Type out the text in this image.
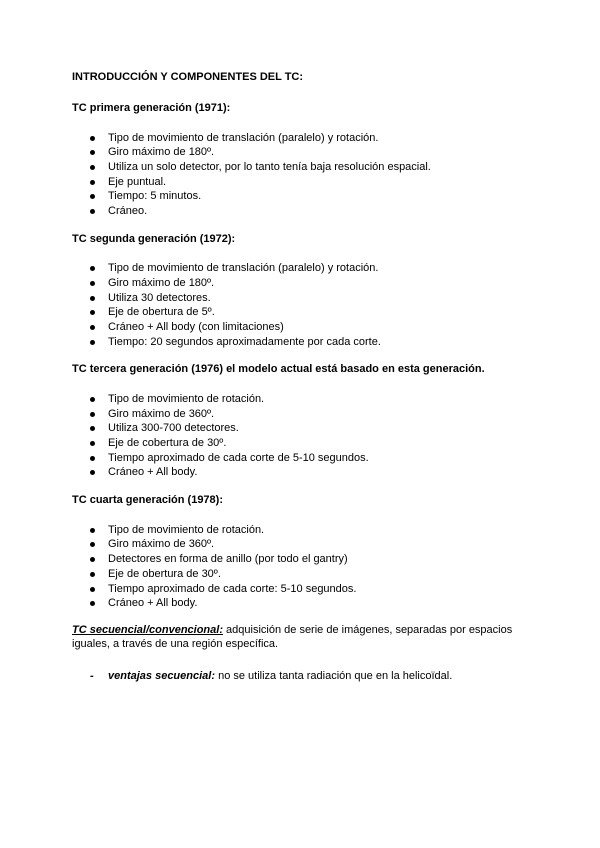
INTRODUCCIÓN Y COMPONENTES DEL TC:

TC primera generación (1971):

Tipo de movimiento de translación (paralelo) y rotación.
Giro máximo de 180º.
Utiliza un solo detector, por lo tanto tenía baja resolución espacial.
Eje puntual.
Tiempo: 5 minutos.
Cráneo.

TC segunda generación (1972):

Tipo de movimiento de translación (paralelo) y rotación.
Giro máximo de 180º.
Utiliza 30 detectores.
Eje de obertura de 5º.
Cráneo + All body (con limitaciones)
Tiempo: 20 segundos aproximadamente por cada corte.

TC tercera generación (1976) el modelo actual está basado en esta generación.

Tipo de movimiento de rotación.
Giro máximo de 360º.
Utiliza 300-700 detectores.
Eje de cobertura de 30º.
Tiempo aproximado de cada corte de 5-10 segundos.
Cráneo + All body.

TC cuarta generación (1978):

Tipo de movimiento de rotación.
Giro máximo de 360º.
Detectores en forma de anillo (por todo el gantry)
Eje de obertura de 30º.
Tiempo aproximado de cada corte: 5-10 segundos.
Cráneo + All body.

TC secuencial/convencional: adquisición de serie de imágenes, separadas por espacios iguales, a través de una región específica.

- ventajas secuencial: no se utiliza tanta radiación que en la helicoïdal.
